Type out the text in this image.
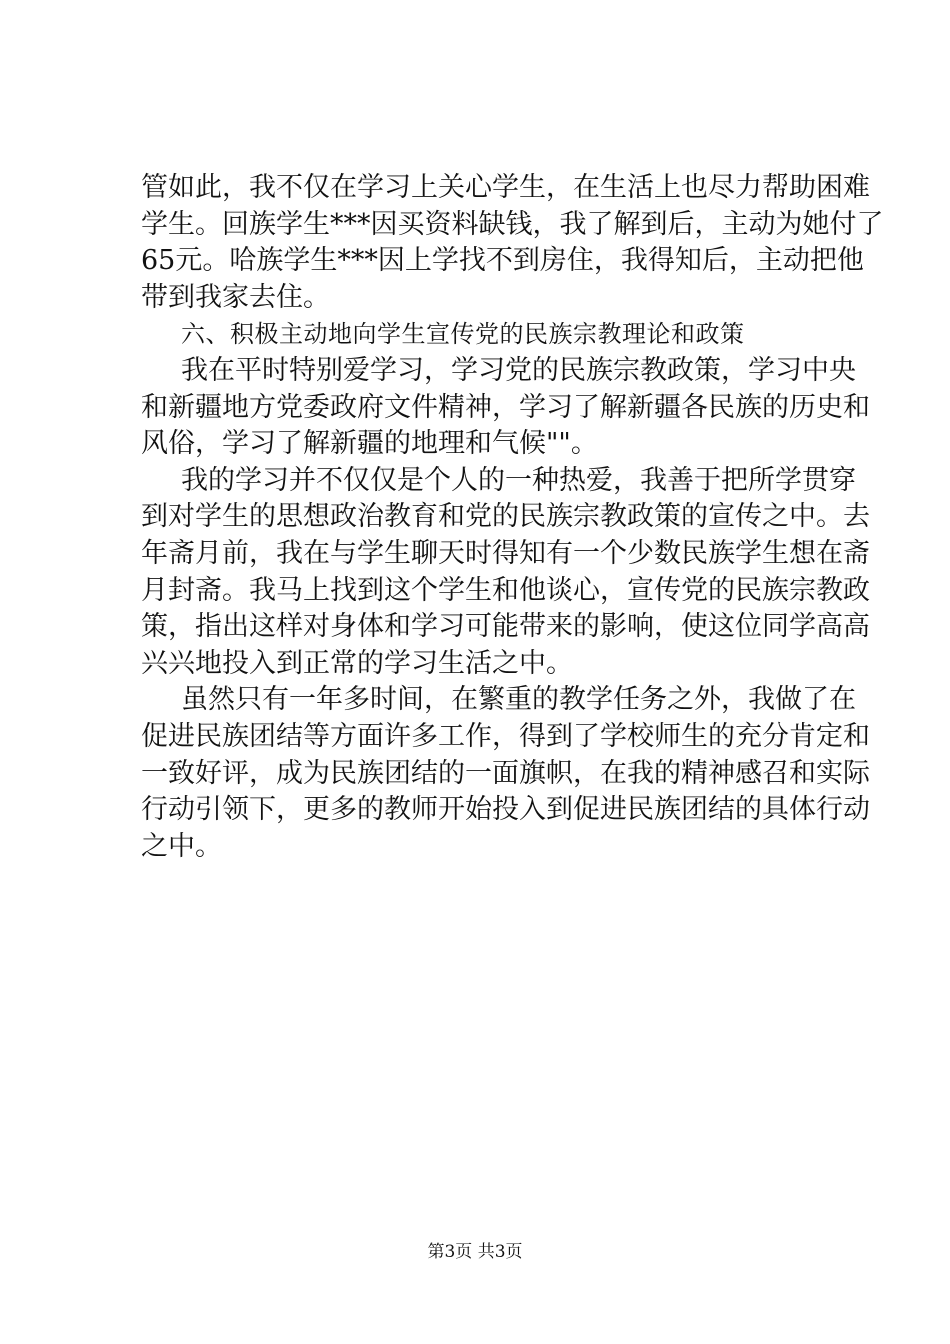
管如此，我不仅在学习上关心学生，在生活上也尽力帮助困难
学生。回族学生***因买资料缺钱，我了解到后，主动为她付了
65元。哈族学生***因上学找不到房住，我得知后，主动把他
带到我家去住。
六、积极主动地向学生宣传党的民族宗教理论和政策
我在平时特别爱学习，学习党的民族宗教政策，学习中央
和新疆地方党委政府文件精神，学习了解新疆各民族的历史和
风俗，学习了解新疆的地理和气候""。
我的学习并不仅仅是个人的一种热爱，我善于把所学贯穿
到对学生的思想政治教育和党的民族宗教政策的宣传之中。去
年斋月前，我在与学生聊天时得知有一个少数民族学生想在斋
月封斋。我马上找到这个学生和他谈心，宣传党的民族宗教政
策，指出这样对身体和学习可能带来的影响，使这位同学高高
兴兴地投入到正常的学习生活之中。
虽然只有一年多时间，在繁重的教学任务之外，我做了在
促进民族团结等方面许多工作，得到了学校师生的充分肯定和
一致好评，成为民族团结的一面旗帜，在我的精神感召和实际
行动引领下，更多的教师开始投入到促进民族团结的具体行动
之中。
第3页 共3页
